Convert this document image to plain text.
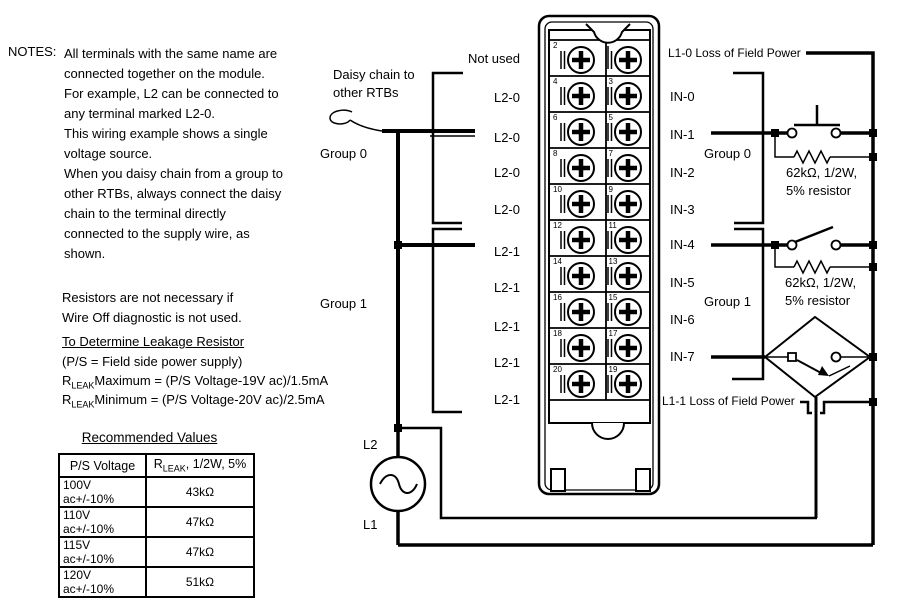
2
4	3
6	5
8	7
10	9
12	11
14	13
16	15
18	17
20	19
NOTES: All terminals with the same name are
connected together on the module.
For example, L2 can be connected to
any terminal marked L2-0.
This wiring example shows a single
voltage source.
When you daisy chain from a group to
other RTBs, always connect the daisy
chain to the terminal directly
connected to the supply wire, as
shown.
Resistors are not necessary if
Wire Off diagnostic is not used.
To Determine Leakage Resistor
(P/S = Field side power supply)
$R_{LEAK}Maximum = (P/S$ Voltage-19V ac)/1.5mA
$R_{LEAK}Minimum = (P/S$ Voltage-20V ac)/2.5mA
Recommended Values
P/S Voltage	$R_{LEAK}$, 1/2W, 5%
100V ac+/-10%	43kΩ
110V ac+/-10%	47kΩ
115V ac+/-10%	47kΩ
120V ac+/-10%	51kΩ
Daisy chain to
other RTBs
Group 0
Group 1
Not used
L2-0
L2-0
L2-0
L2-0
L2-1
L2-1
L2-1
L2-1
L2-1
L1-0 Loss of Field Power
IN-0
IN-1
IN-2
IN-3
IN-4
IN-5
IN-6
IN-7
L1-1 Loss of Field Power
Group 0
Group 1
62kΩ, 1/2W,
5% resistor
62kΩ, 1/2W,
5% resistor
L2
L1
